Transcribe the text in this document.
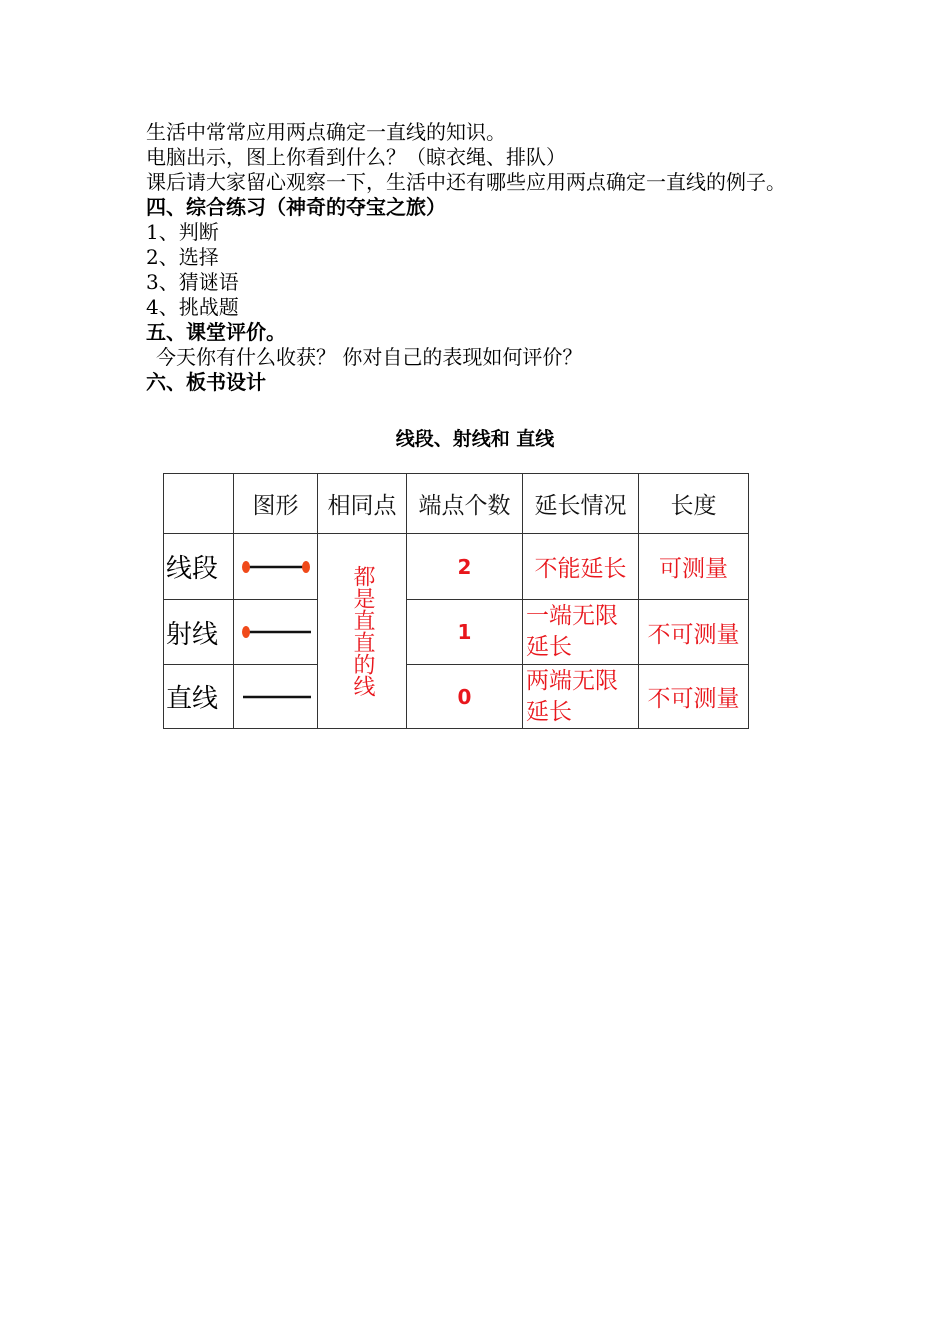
生活中常常应用两点确定一直线的知识。
电脑出示，图上你看到什么？（晾衣绳、排队）
课后请大家留心观察一下，生活中还有哪些应用两点确定一直线的例子。
四、综合练习（神奇的夺宝之旅）
1、判断
2、选择
3、猜谜语
4、挑战题
五、课堂评价。
今天你有什么收获？ 你对自己的表现如何评价？
六、板书设计
线段、射线和 直线
	图形	相同点	端点个数	延长情况	长度
线段		都是直直的线	2	不能延长	可测量
射线			1	一端无限延长	不可测量
直线			0	两端无限延长	不可测量
